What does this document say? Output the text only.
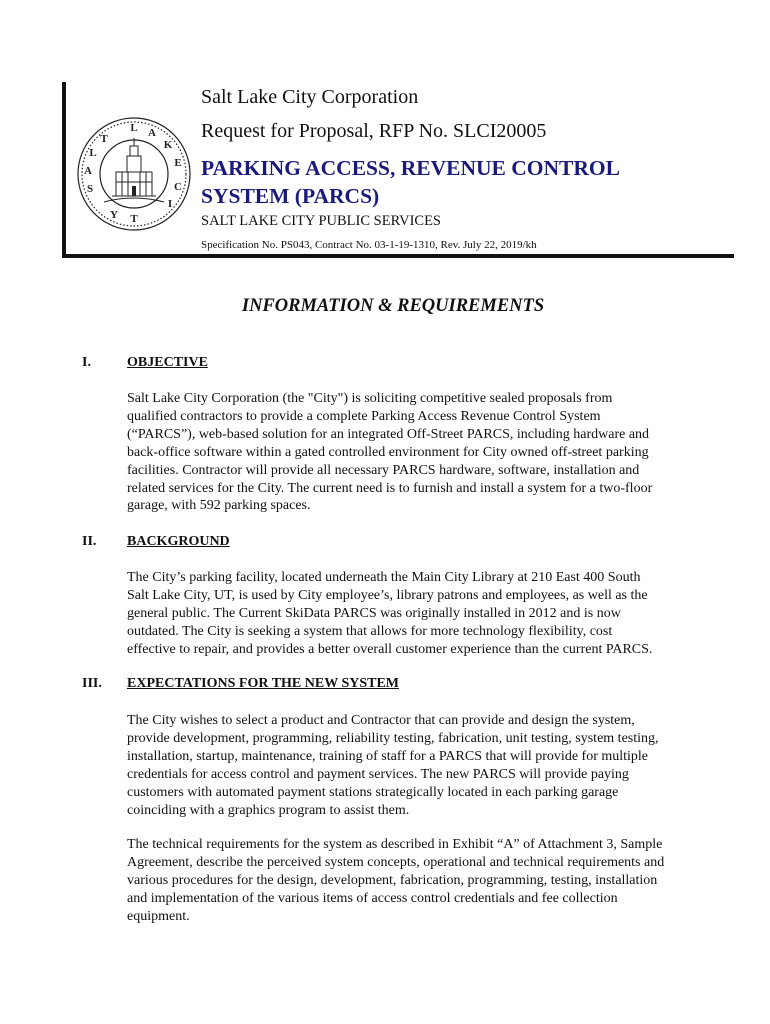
S
A
L
T
L A
K
E
C
I
T
Y
Salt Lake City Corporation
Request for Proposal, RFP No. SLCI20005
PARKING ACCESS, REVENUE CONTROL
SYSTEM (PARCS)
SALT LAKE CITY PUBLIC SERVICES
Specification No. PS043, Contract No. 03-1-19-1310, Rev. July 22, 2019/kh
INFORMATION & REQUIREMENTS
I.	OBJECTIVE
Salt Lake City Corporation (the "City") is soliciting competitive sealed proposals from
qualified contractors to provide a complete Parking Access Revenue Control System
(“PARCS”), web-based solution for an integrated Off-Street PARCS, including hardware and
back-office software within a gated controlled environment for City owned off-street parking
facilities. Contractor will provide all necessary PARCS hardware, software, installation and
related services for the City. The current need is to furnish and install a system for a two-floor
garage, with 592 parking spaces.
II. BACKGROUND
The City’s parking facility, located underneath the Main City Library at 210 East 400 South
Salt Lake City, UT, is used by City employee’s, library patrons and employees, as well as the
general public. The Current SkiData PARCS was originally installed in 2012 and is now
outdated. The City is seeking a system that allows for more technology flexibility, cost
effective to repair, and provides a better overall customer experience than the current PARCS.
III. EXPECTATIONS FOR THE NEW SYSTEM
The City wishes to select a product and Contractor that can provide and design the system,
provide development, programming, reliability testing, fabrication, unit testing, system testing,
installation, startup, maintenance, training of staff for a PARCS that will provide for multiple
credentials for access control and payment services. The new PARCS will provide paying
customers with automated payment stations strategically located in each parking garage
coinciding with a graphics program to assist them.
The technical requirements for the system as described in Exhibit “A” of Attachment 3, Sample
Agreement, describe the perceived system concepts, operational and technical requirements and
various procedures for the design, development, fabrication, programming, testing, installation
and implementation of the various items of access control credentials and fee collection
equipment.
